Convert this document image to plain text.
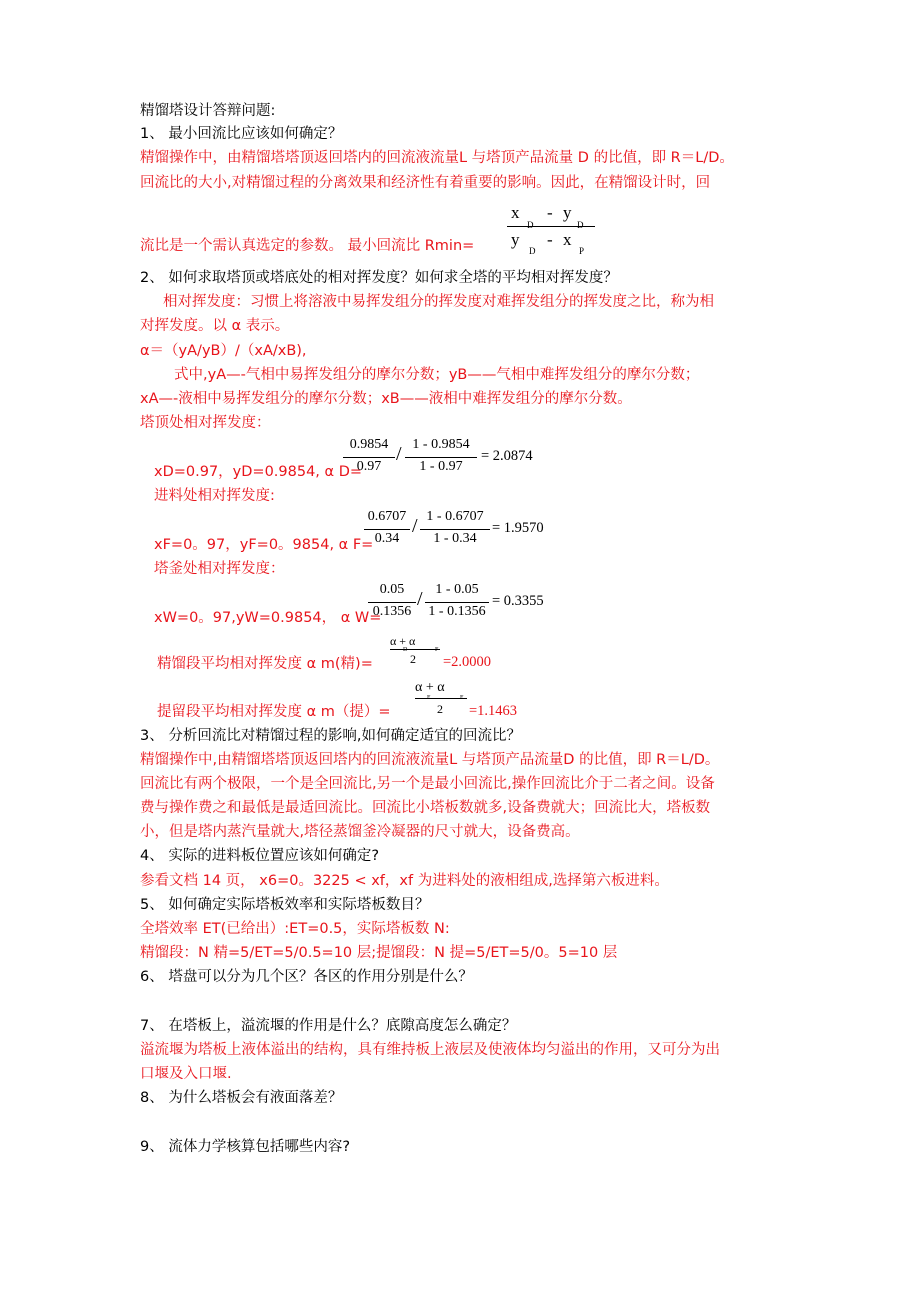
精馏塔设计答辩问题:
1、 最小回流比应该如何确定？
精馏操作中，由精馏塔塔顶返回塔内的回流液流量L 与塔顶产品流量 D 的比值，即 R＝L/D。
回流比的大小,对精馏过程的分离效果和经济性有着重要的影响。因此，在精馏设计时，回
流比是一个需认真选定的参数。 最小回流比 Rmin=
x
D
- y
D
y
D
- x
P
2、 如何求取塔顶或塔底处的相对挥发度？如何求全塔的平均相对挥发度？
相对挥发度：习惯上将溶液中易挥发组分的挥发度对难挥发组分的挥发度之比，称为相
对挥发度。以 α 表示。
α＝（yA/yB）/（xA/xB),
式中,yA—-气相中易挥发组分的摩尔分数；yB——气相中难挥发组分的摩尔分数；
xA—-液相中易挥发组分的摩尔分数；xB——液相中难挥发组分的摩尔分数。
塔顶处相对挥发度：
xD=0.97，yD=0.9854, α D=
0.9854
0.97
/ 1 - 0.9854
1 - 0.97
= 2.0874
进料处相对挥发度:
xF=0。97，yF=0。9854, α F=
0.6707
0.34
/ 1 - 0.6707
1 - 0.34
= 1.9570
塔釜处相对挥发度：
xW=0。97,yW=0.9854， α W=
0.05
0.1356
/ 1 - 0.05
1 - 0.1356
= 0.3355
精馏段平均相对挥发度 α m(精)=
α + α
D	F
2 =2.0000
提留段平均相对挥发度 α m（提）=
α + α
F	F
2 =1.1463
3、 分析回流比对精馏过程的影响,如何确定适宜的回流比？
精馏操作中,由精馏塔塔顶返回塔内的回流液流量L 与塔顶产品流量D 的比值，即 R＝L/D。
回流比有两个极限，一个是全回流比,另一个是最小回流比,操作回流比介于二者之间。设备
费与操作费之和最低是最适回流比。回流比小塔板数就多,设备费就大；回流比大，塔板数
小，但是塔内蒸汽量就大,塔径蒸馏釜冷凝器的尺寸就大，设备费高。
4、 实际的进料板位置应该如何确定?
参看文档 14 页， x6=0。3225 < xf，xf 为进料处的液相组成,选择第六板进料。
5、 如何确定实际塔板效率和实际塔板数目？
全塔效率 ET(已给出）:ET=0.5，实际塔板数 N:
精馏段：N 精=5/ET=5/0.5=10 层;提馏段：N 提=5/ET=5/0。5=10 层
6、 塔盘可以分为几个区？各区的作用分别是什么？
7、 在塔板上，溢流堰的作用是什么？底隙高度怎么确定？
溢流堰为塔板上液体溢出的结构，具有维持板上液层及使液体均匀溢出的作用，又可分为出
口堰及入口堰.
8、 为什么塔板会有液面落差？
9、 流体力学核算包括哪些内容?
